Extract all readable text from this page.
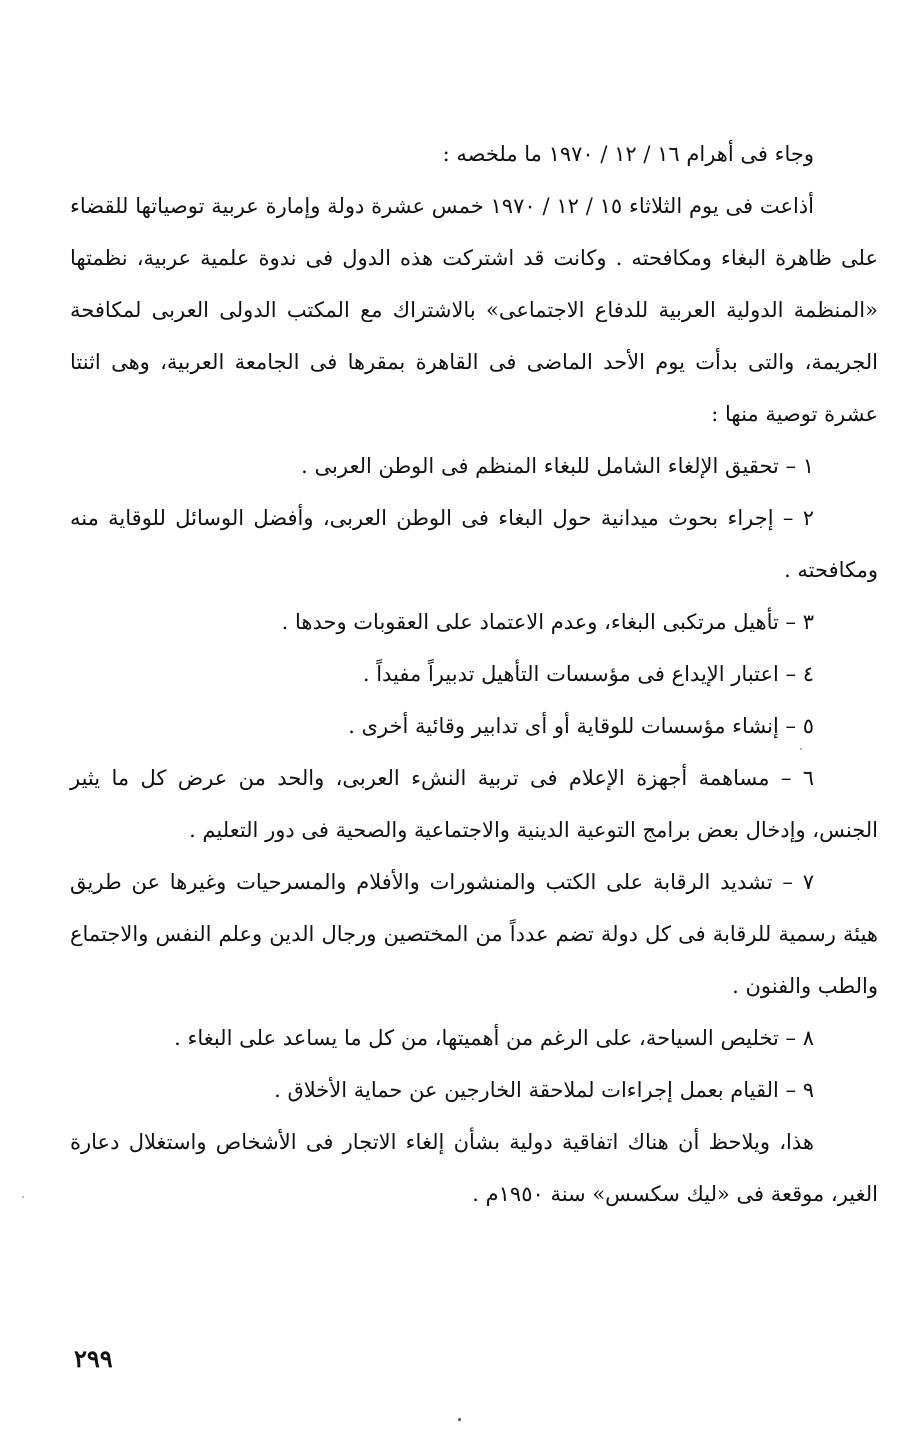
وجاء فى أهرام ١٦ / ١٢ / ١٩٧٠ ما ملخصه :

أذاعت فى يوم الثلاثاء ١٥ / ١٢ / ١٩٧٠ خمس عشرة دولة وإمارة عربية توصياتها للقضاء على ظاهرة البغاء ومكافحته . وكانت قد اشتركت هذه الدول فى ندوة علمية عربية، نظمتها «المنظمة الدولية العربية للدفاع الاجتماعى» بالاشتراك مع المكتب الدولى العربى لمكافحة الجريمة، والتى بدأت يوم الأحد الماضى فى القاهرة بمقرها فى الجامعة العربية، وهى اثنتا عشرة توصية منها :

١ – تحقيق الإلغاء الشامل للبغاء المنظم فى الوطن العربى .

٢ – إجراء بحوث ميدانية حول البغاء فى الوطن العربى، وأفضل الوسائل للوقاية منه ومكافحته .

٣ – تأهيل مرتكبى البغاء، وعدم الاعتماد على العقوبات وحدها .

٤ – اعتبار الإيداع فى مؤسسات التأهيل تدبيراً مفيداً .

٥ – إنشاء مؤسسات للوقاية أو أى تدابير وقائية أخرى .

٦ – مساهمة أجهزة الإعلام فى تربية النشء العربى، والحد من عرض كل ما يثير الجنس، وإدخال بعض برامج التوعية الدينية والاجتماعية والصحية فى دور التعليم .

٧ – تشديد الرقابة على الكتب والمنشورات والأفلام والمسرحيات وغيرها عن طريق هيئة رسمية للرقابة فى كل دولة تضم عدداً من المختصين ورجال الدين وعلم النفس والاجتماع والطب والفنون .

٨ – تخليص السياحة، على الرغم من أهميتها، من كل ما يساعد على البغاء .

٩ – القيام بعمل إجراءات لملاحقة الخارجين عن حماية الأخلاق .

هذا، ويلاحظ أن هناك اتفاقية دولية بشأن إلغاء الاتجار فى الأشخاص واستغلال دعارة الغير، موقعة فى «ليك سكسس» سنة ١٩٥٠م .

٢٩٩
